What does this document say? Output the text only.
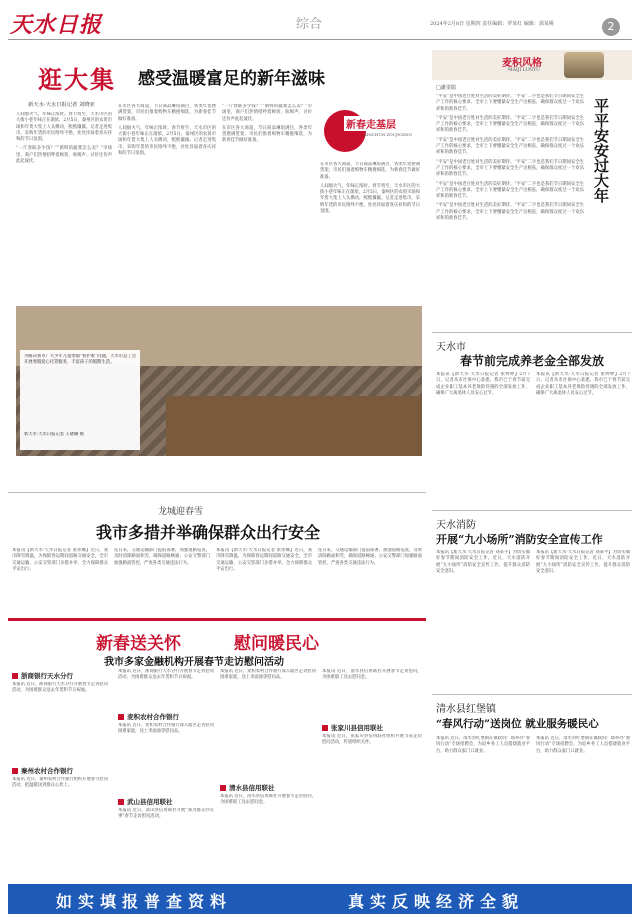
天水日报	综合	2024年2月8日 星期四 责任编辑：罗某红 编辑：郭某桃	2
逛大集 感受温暖富足的新年滋味
新天水·天水日报记者 刘晓亚

人间烟火气，年味正浓时。春节将至，天水市区的大街小巷年味正在渐浓，2月5日，秦州区的农贸市场和年货大集上人头攒动，熙熙攘攘。记者走进集市，采购年货的市民络绎不绝，处处洋溢着喜庆祥和的节日氛围。

“一斤春联多少钱？”“新鲜的蔬菜怎么卖？”市场里，商户们热情招呼着顾客，吆喝声、讨价还价声此起彼伏。

在市区各大商超，节日商品琳琅满目，各类年货摆满货架，市民们推着购物车精挑细选，为新春佳节做好准备。

人间烟火气，年味正浓时。春节将至，天水市区的大街小巷年味正在渐浓，2月5日，秦州区的农贸市场和年货大集上人头攒动，熙熙攘攘。记者走进集市，采购年货的市民络绎不绝，处处洋溢着喜庆祥和的节日氛围。

“一斤春联多少钱？”“新鲜的蔬菜怎么卖？”市场里，商户们热情招呼着顾客，吆喝声、讨价还价声此起彼伏。

在市区各大商超，节日商品琳琅满目，各类年货摆满货架，市民们推着购物车精挑细选，为新春佳节做好准备。

新春走基层
XINCHUN ZOUJICENG

在市区各大商超，节日商品琳琅满目，各类年货摆满货架，市民们推着购物车精挑细选，为新春佳节做好准备。

人间烟火气，年味正浓时。春节将至，天水市区的大街小巷年味正在渐浓，2月5日，秦州区的农贸市场和年货大集上人头攒动，熙熙攘攘。记者走进集市，采购年货的市民络绎不绝，处处洋溢着喜庆祥和的节日氛围。

为解决我市广大少年儿童寒假“看护难”问题，天水市总工会开展寒假爱心托管服务，丰富孩子的假期生活。
新天水·天水日报记者 王晓璐 摄
龙城迎春雪
我市多措并举确保群众出行安全

本报讯【新天水·天水日报记者 张伟娜】近日，我市降雪降温，为保障春运期间道路交通安全，全市交通运输、公安交管部门多措并举，全力保障群众平安出行。

连日来，交通运输部门提前部署，加强道路巡查，及时清除路面积雪，确保道路畅通；公安交警部门加强路面管控，严查各类交通违法行为。

本报讯【新天水·天水日报记者 张伟娜】近日，我市降雪降温，为保障春运期间道路交通安全，全市交通运输、公安交管部门多措并举，全力保障群众平安出行。

连日来，交通运输部门提前部署，加强道路巡查，及时清除路面积雪，确保道路畅通；公安交警部门加强路面管控，严查各类交通违法行为。

新春送关怀	慰问暖民心
我市多家金融机构开展春节走访慰问活动
浙商银行天水分行
本报讯 近日，浙商银行天水分行开展春节走访慰问活动，为困难群众送去年货和节日祝福。
秦州农村合作银行
本报讯 近日，秦州农村合作银行组织开展春节慰问活动，把温暖送到群众心坎上。
本报讯 近日，浙商银行天水分行开展春节走访慰问活动，为困难群众送去年货和节日祝福。
麦积农村合作银行
本报讯 近日，麦积农村合作银行深入辖区走访慰问困难家庭，送上米面油等慰问品。
武山县信用联社
本报讯 近日，武山县信用联社开展“我为群众办实事”春节走访慰问活动。
本报讯 近日，麦积农村合作银行深入辖区走访慰问困难家庭，送上米面油等慰问品。
清水县信用联社
本报讯 近日，清水县信用联社开展春节走访慰问，为困难职工送去慰问金。
本报讯 近日，清水县信用联社开展春节走访慰问，为困难职工送去慰问金。
张家川县信用联社
本报讯 近日，张家川县信用联社组织开展节前走访慰问活动，传递组织关怀。
麦积风格
MAIJI LUNYU
□潘雯瑞

“平安”是中国老百姓对生活的美好期待。“平安”二字也是我们节日期间安全生产工作的核心要求，全市上下要绷紧安全生产这根弦，确保群众度过一个欢乐祥和的新春佳节。

“平安”是中国老百姓对生活的美好期待。“平安”二字也是我们节日期间安全生产工作的核心要求，全市上下要绷紧安全生产这根弦，确保群众度过一个欢乐祥和的新春佳节。

“平安”是中国老百姓对生活的美好期待。“平安”二字也是我们节日期间安全生产工作的核心要求，全市上下要绷紧安全生产这根弦，确保群众度过一个欢乐祥和的新春佳节。

“平安”是中国老百姓对生活的美好期待。“平安”二字也是我们节日期间安全生产工作的核心要求，全市上下要绷紧安全生产这根弦，确保群众度过一个欢乐祥和的新春佳节。

“平安”是中国老百姓对生活的美好期待。“平安”二字也是我们节日期间安全生产工作的核心要求，全市上下要绷紧安全生产这根弦，确保群众度过一个欢乐祥和的新春佳节。

“平安”是中国老百姓对生活的美好期待。“平安”二字也是我们节日期间安全生产工作的核心要求，全市上下要绷紧安全生产这根弦，确保群众度过一个欢乐祥和的新春佳节。

平平安安过大年
天水市
春节前完成养老金全部发放

本报讯【新天水·天水日报记者 张婷婷】2月7日，记者从市社保中心获悉，我市已于春节前完成企业职工基本养老保险待遇的全部发放工作，确保广大离退休人员安心过节。

本报讯【新天水·天水日报记者 张婷婷】2月7日，记者从市社保中心获悉，我市已于春节前完成企业职工基本养老保险待遇的全部发放工作，确保广大离退休人员安心过节。

天水消防
开展“九小场所”消防安全宣传工作

本报讯【新天水·天水日报记者 刘某平】为切实做好春节期间消防安全工作，近日，天水消防开展“九小场所”消防安全宣传工作，提升群众消防安全意识。

本报讯【新天水·天水日报记者 刘某平】为切实做好春节期间消防安全工作，近日，天水消防开展“九小场所”消防安全宣传工作，提升群众消防安全意识。

清水县红堡镇
“春风行动”送岗位 就业服务暖民心

本报讯 近日，清水县红堡镇在镇政府广场举办“春风行动”专场招聘会，为返乡务工人员搭建就业平台，助力群众家门口就业。

本报讯 近日，清水县红堡镇在镇政府广场举办“春风行动”专场招聘会，为返乡务工人员搭建就业平台，助力群众家门口就业。

如实填报普查资料	真实反映经济全貌
